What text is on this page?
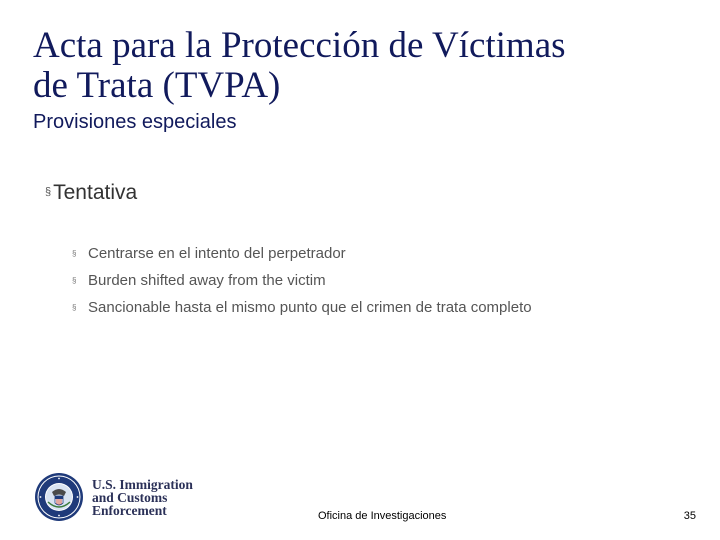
Acta para la Protección de Víctimas
de Trata (TVPA)
Provisiones especiales
§ Tentativa
§ Centrarse en el intento del perpetrador
§ Burden shifted away from the victim
§ Sancionable hasta el mismo punto que el crimen de trata completo
U.S. Immigration
and Customs
Enforcement	Oficina de Investigaciones	35
